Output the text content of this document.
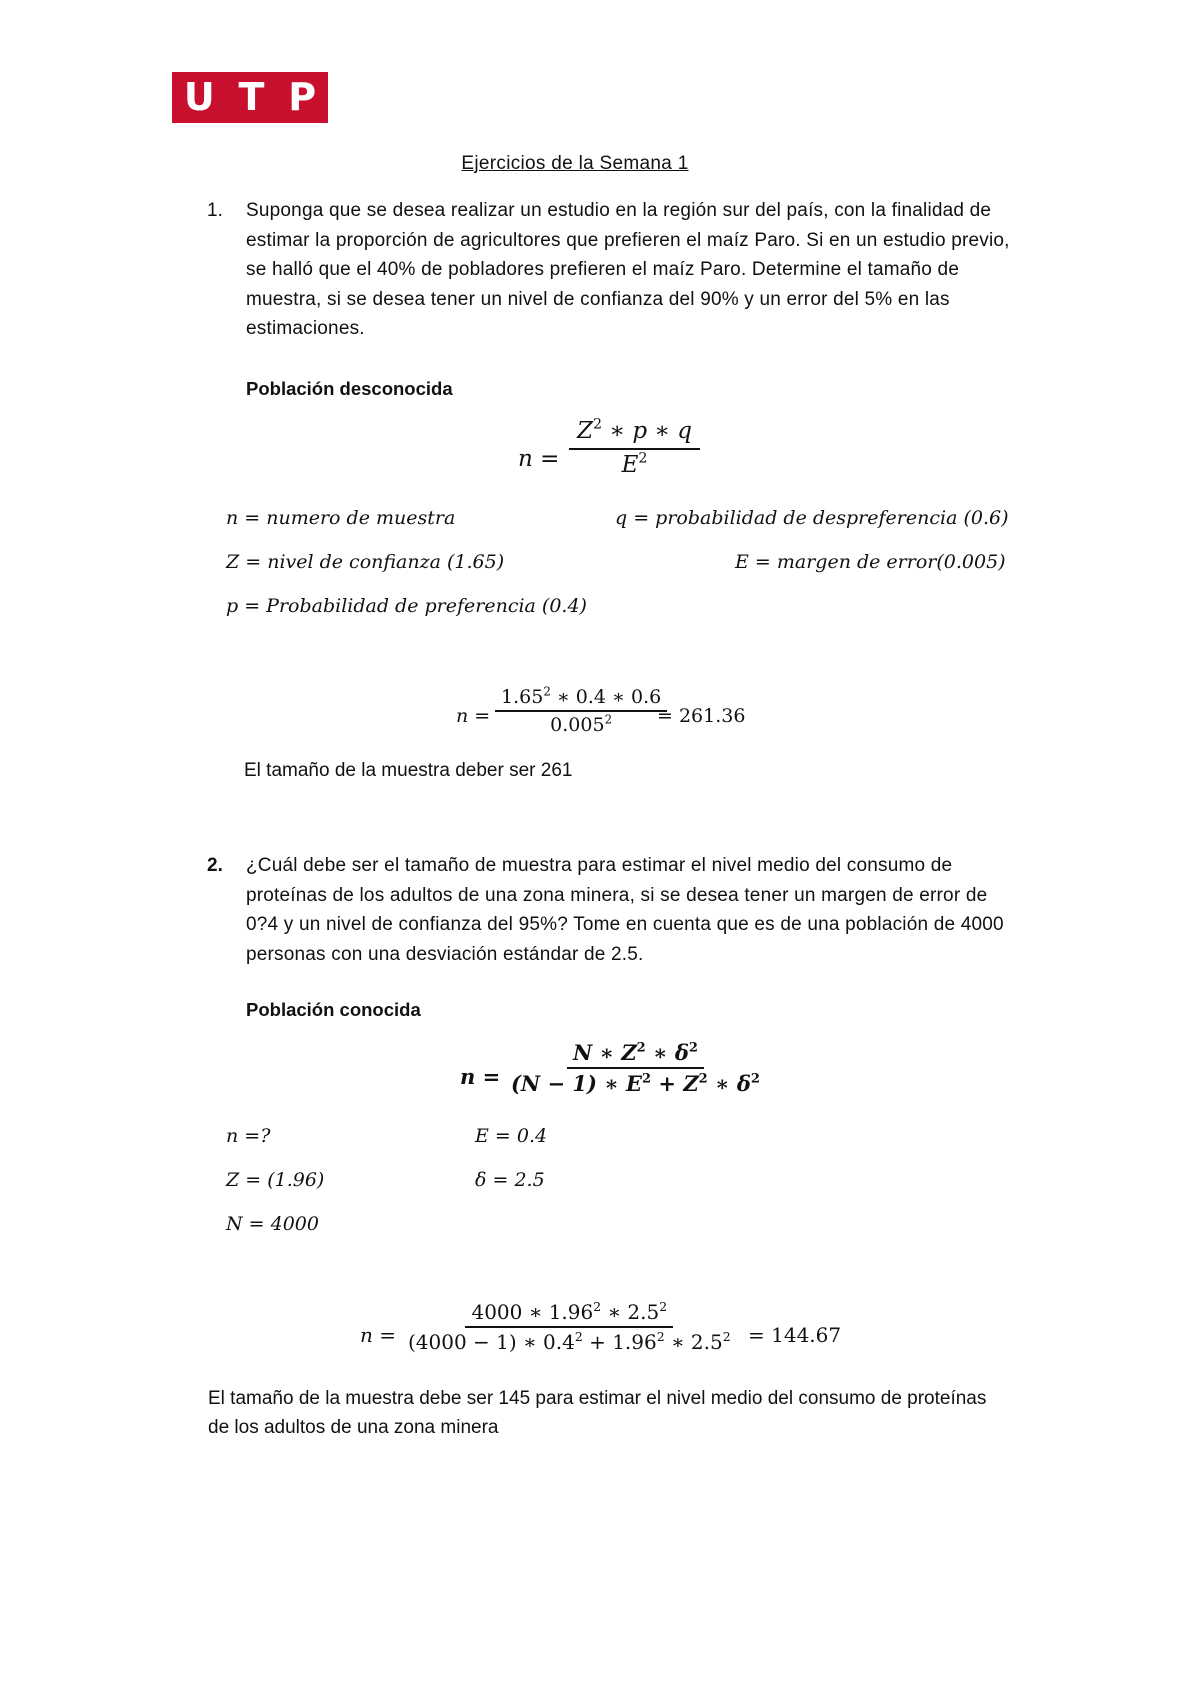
U T P
Ejercicios de la Semana 1
1. Suponga que se desea realizar un estudio en la región sur del país, con la finalidad de
estimar la proporción de agricultores que prefieren el maíz Paro. Si en un estudio previo,
se halló que el 40% de pobladores prefieren el maíz Paro. Determine el tamaño de
muestra, si se desea tener un nivel de confianza del 90% y un error del 5% en las
estimaciones.
Población desconocida
$n = \frac{Z^2 ∗ p ∗ q}{E^2}$
n = numero de muestra	q = probabilidad de despreferencia (0.6)
Z = nivel de confianza (1.65)	E = margen de error(0.005)
p = Probabilidad de preferencia (0.4)
$n = \frac{1.65^2 ∗ 0.4 ∗ 0.6}{0.005^2}$
= 261.36
El tamaño de la muestra deber ser 261
2. ¿Cuál debe ser el tamaño de muestra para estimar el nivel medio del consumo de
proteínas de los adultos de una zona minera, si se desea tener un margen de error de
0?4 y un nivel de confianza del 95%? Tome en cuenta que es de una población de 4000
personas con una desviación estándar de 2.5.
Población conocida
$n = \frac{N ∗ Z^2 ∗ \delta^2}{(N - 1) ∗ E^2 + Z^2 ∗ \delta^2}$
n =?	E = 0.4
Z = (1.96)	δ = 2.5
N = 4000
$n = \frac{4000 ∗ 1.96^2 ∗ 2.5^2}{(4000 - 1) ∗ 0.4^2 + 1.96^2 ∗ 2.5^2} = 144.67$
El tamaño de la muestra debe ser 145 para estimar el nivel medio del consumo de proteínas
de los adultos de una zona minera
